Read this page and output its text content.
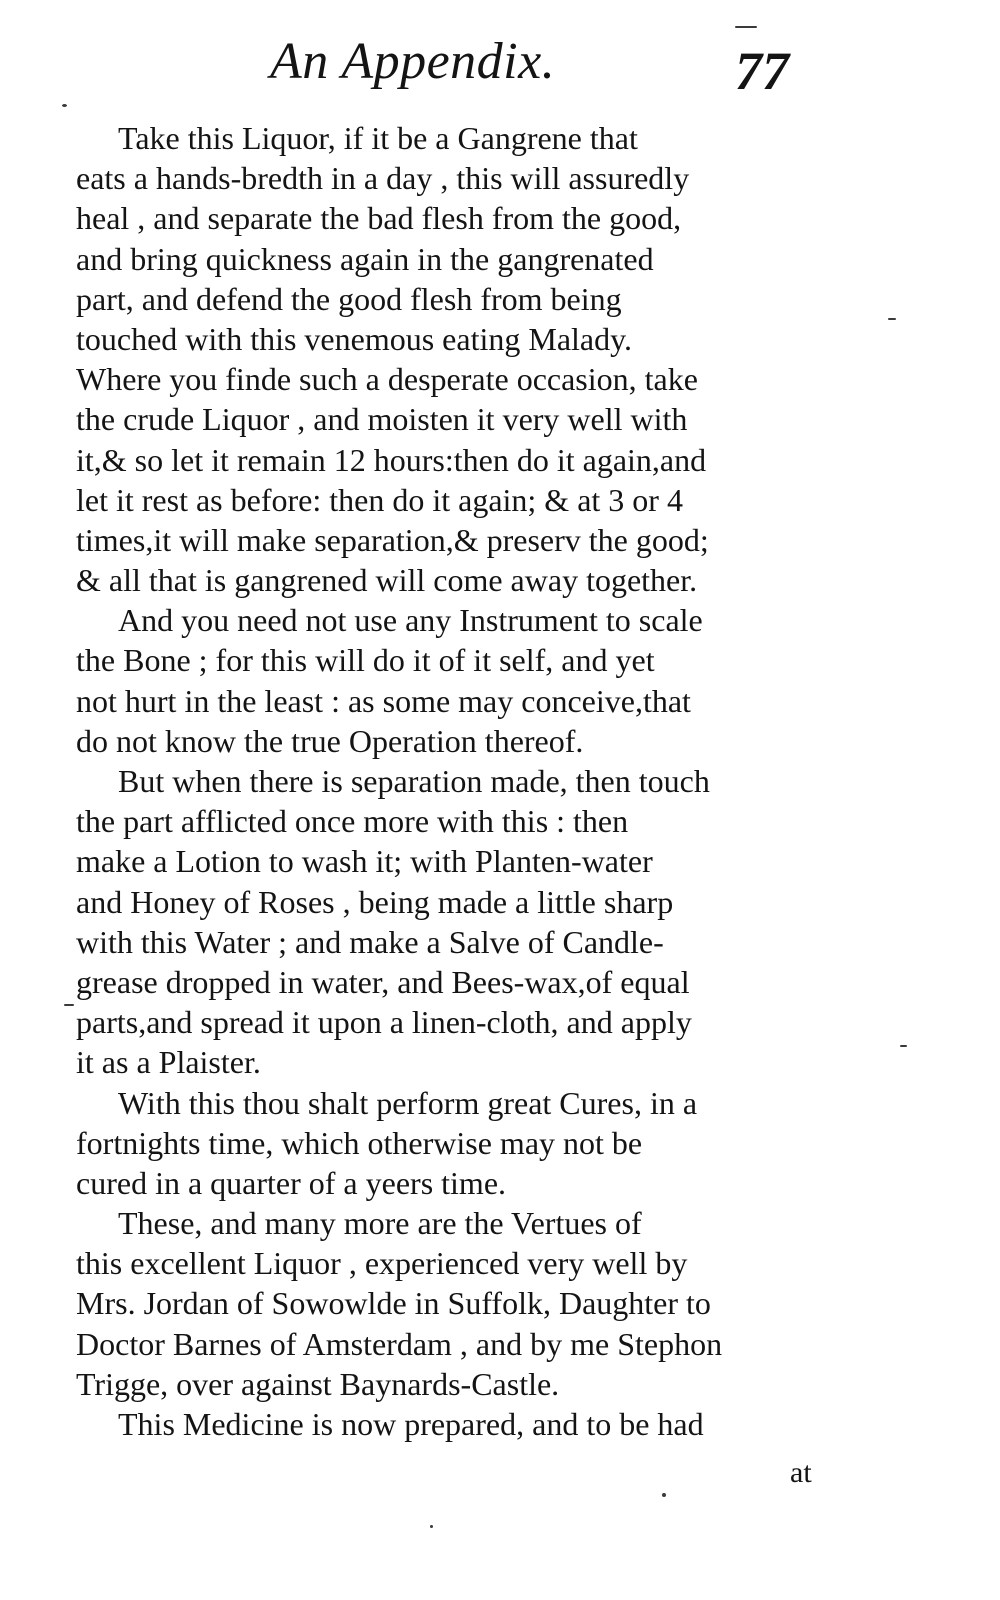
An Appendix.	77
Take this Liquor, if it be a Gangrene that
eats a hands-bredth in a day , this will assuredly
heal , and separate the bad flesh from the good,
and bring quickness again in the gangrenated
part, and defend the good flesh from being
touched with this venemous eating Malady.
Where you finde such a desperate occasion, take
the crude Liquor , and moisten it very well with
it,& so let it remain 12 hours:then do it again,and
let it rest as before: then do it again; & at 3 or 4
times,it will make separation,& preserv the good;
& all that is gangrened will come away together.
And you need not use any Instrument to scale
the Bone ; for this will do it of it self, and yet
not hurt in the least : as some may conceive,that
do not know the true Operation thereof.
But when there is separation made, then touch
the part afflicted once more with this : then
make a Lotion to wash it; with Planten-water
and Honey of Roses , being made a little sharp
with this Water ; and make a Salve of Candle-
grease dropped in water, and Bees-wax,of equal
parts,and spread it upon a linen-cloth, and apply
it as a Plaister.
With this thou shalt perform great Cures, in a
fortnights time, which otherwise may not be
cured in a quarter of a yeers time.
These, and many more are the Vertues of
this excellent Liquor , experienced very well by
Mrs. Jordan of Sowowlde in Suffolk, Daughter to
Doctor Barnes of Amsterdam , and by me Stephon
Trigge, over against Baynards-Castle.
This Medicine is now prepared, and to be had
at
